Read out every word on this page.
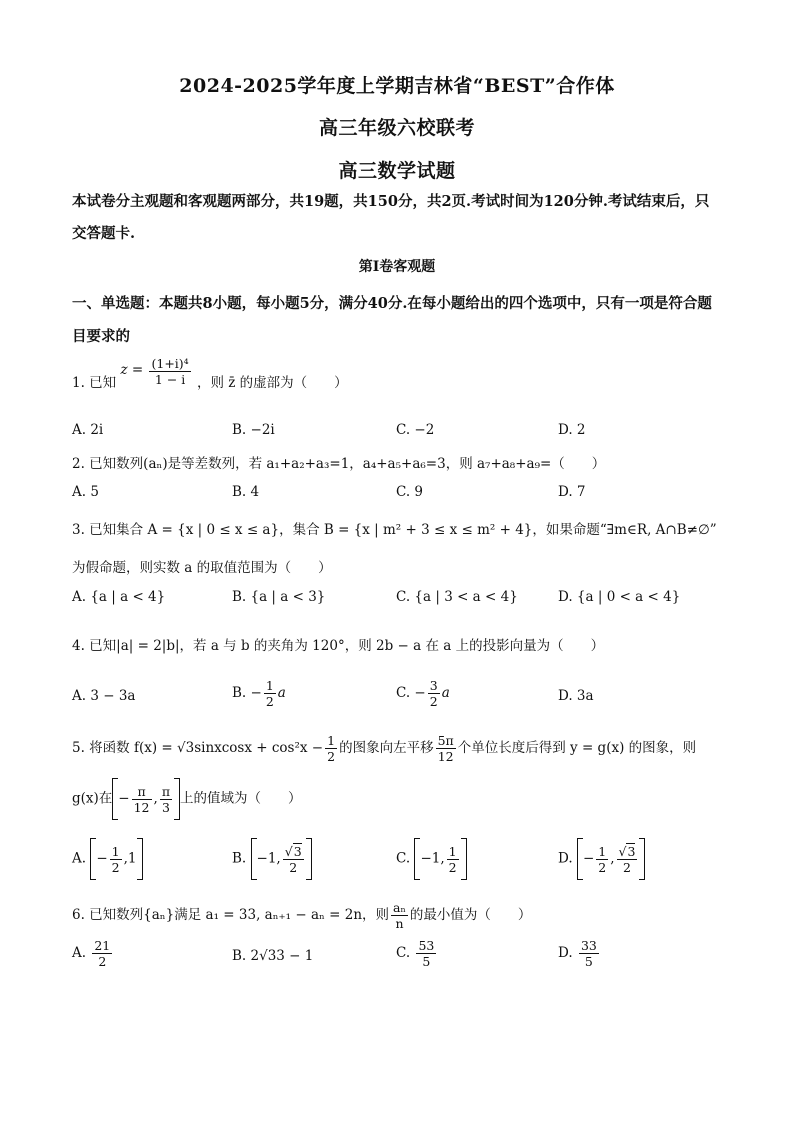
2024-2025学年度上学期吉林省“BEST”合作体
高三年级六校联考
高三数学试题
本试卷分主观题和客观题两部分，共19题，共150分，共2页.考试时间为120分钟.考试结束后，只交答题卡.
第I卷客观题
一、单选题：本题共8小题，每小题5分，满分40分.在每小题给出的四个选项中，只有一项是符合题目要求的
1. 已知 $z = \frac{\text{(1+i)⁴}}{1 - i}$ ，则 z̄ 的虚部为（　　）
A. 2i	B. −2i	C. −2	D. 2
2. 已知数列(aₙ)是等差数列，若 a₁+a₂+a₃=1，a₄+a₅+a₆=3，则 a₇+a₈+a₉=（　　）
A. 5	B. 4	C. 9	D. 7
3. 已知集合 A = {x | 0 ≤ x ≤ a}，集合 B = {x | m² + 3 ≤ x ≤ m² + 4}，如果命题“∃m∈R, A∩B≠∅”
为假命题，则实数 a 的取值范围为（　　）
A. {a | a < 4}	B. {a | a < 3}	C. {a | 3 < a < 4}	D. {a | 0 < a < 4}
4. 已知|a| = 2|b|，若 a 与 b 的夹角为 120°，则 2b − a 在 a 上的投影向量为（　　）
A. 3 − 3a	B. − $\frac{1}{2}$ a	C. − $\frac{3}{2}$ a	D. 3a
5. 将函数 f(x) = √3sinxcosx + $\cos^2x - \frac{1}{2}$ 的图象向左平移 $\frac{5\pi}{12}$ 个单位长度后得到 y = g(x) 的图象，则
g(x)在 − $\frac{\pi}{12}$ , $\frac{\pi}{3}$ 上的值域为（　　）
A. − $\frac{1}{2} ,1$	B. −1, $\frac{√3}{2}$	C. −1, $\frac{1}{2}$	D. − $\frac{1}{2}$ , $\frac{√3}{2}$
6. 已知数列{aₙ}满足 a₁ = 33, aₙ₊₁ − aₙ = 2n，则 $\frac{\text{aₙ}}{n}$ 的最小值为（　　）
A. $\frac{21}{2}$	B. 2√33 − 1	C. $\frac{53}{5}$	D. $\frac{33}{5}$
